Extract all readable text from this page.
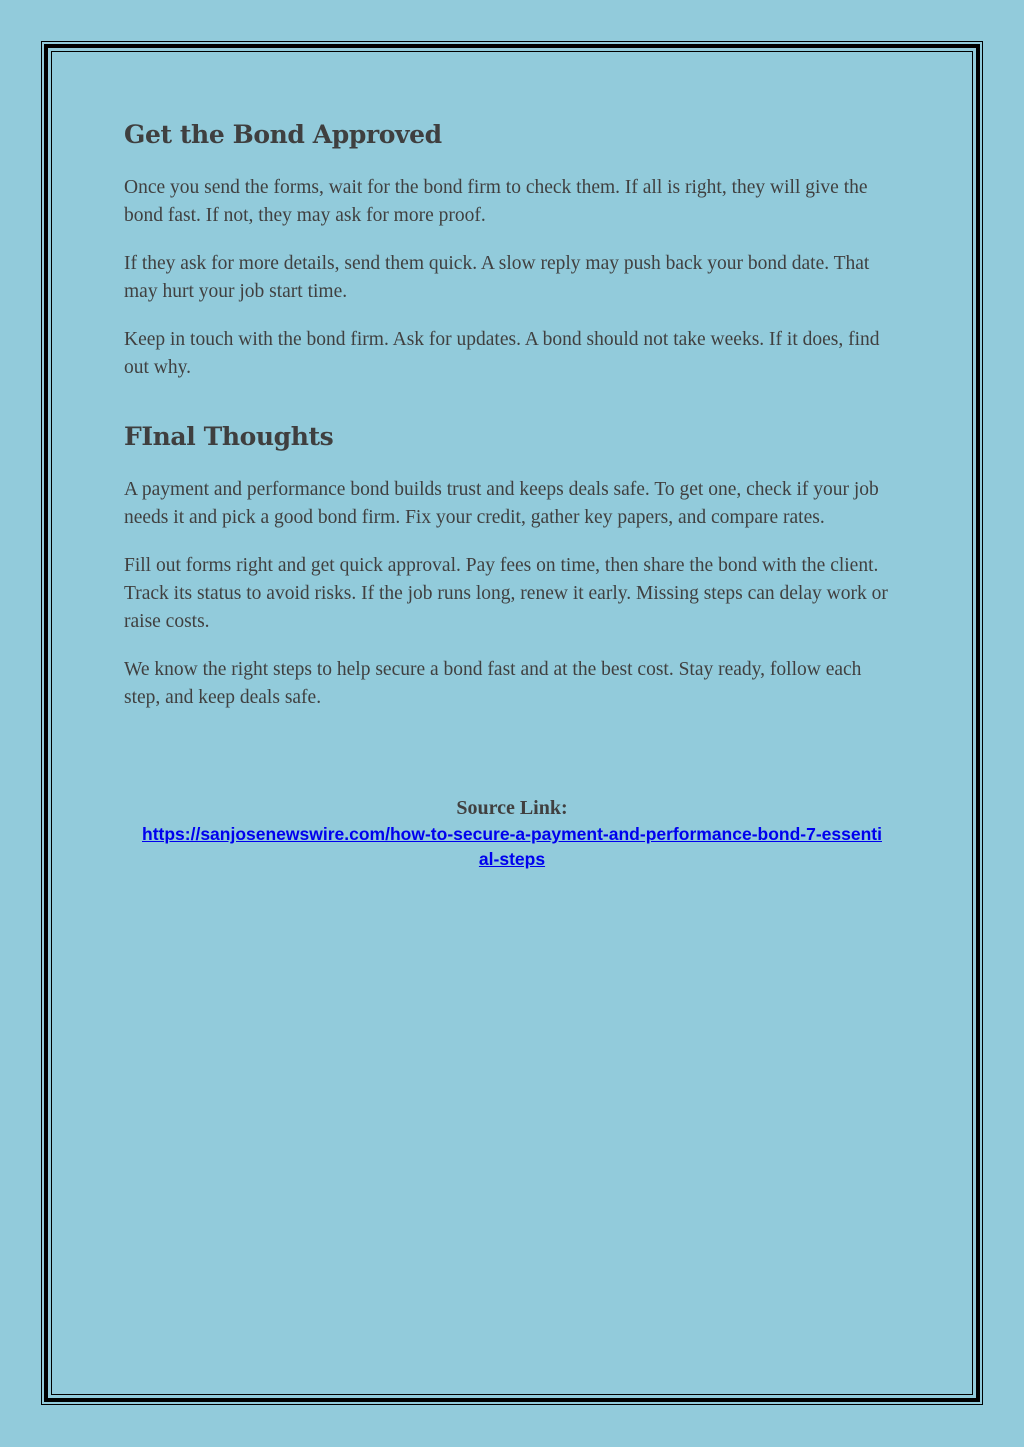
Get the Bond Approved

Once you send the forms, wait for the bond firm to check them. If all is right, they will give the bond fast. If not, they may ask for more proof.

If they ask for more details, send them quick. A slow reply may push back your bond date. That may hurt your job start time.

Keep in touch with the bond firm. Ask for updates. A bond should not take weeks. If it does, find out why.

FInal Thoughts

A payment and performance bond builds trust and keeps deals safe. To get one, check if your job needs it and pick a good bond firm. Fix your credit, gather key papers, and compare rates.

Fill out forms right and get quick approval. Pay fees on time, then share the bond with the client. Track its status to avoid risks. If the job runs long, renew it early. Missing steps can delay work or raise costs.

We know the right steps to help secure a bond fast and at the best cost. Stay ready, follow each step, and keep deals safe.

Source Link:
https://sanjosenewswire.com/how-to-secure-a-payment-and-performance-bond-7-essential-steps
